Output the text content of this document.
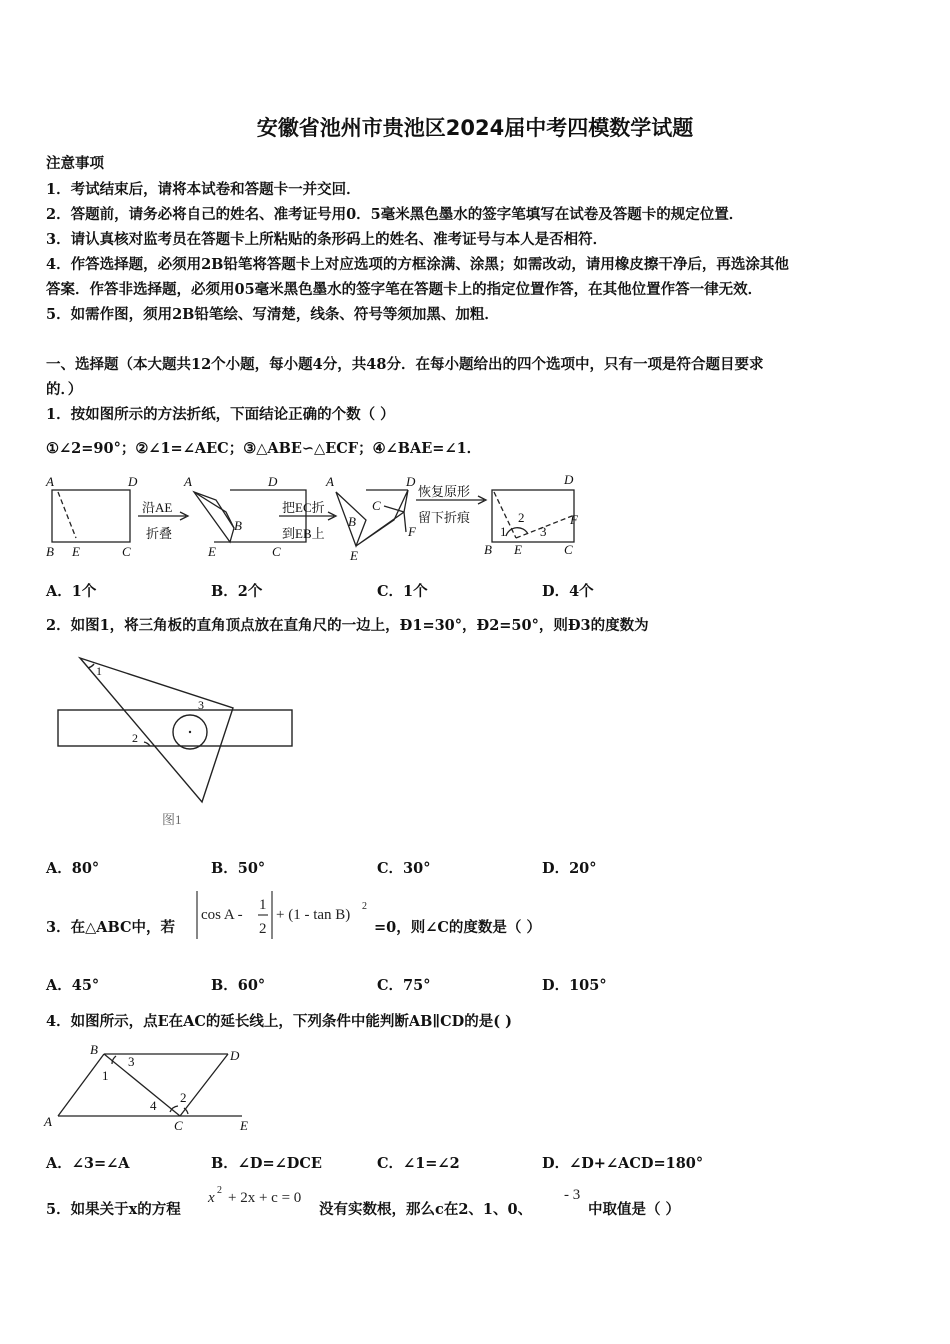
安徽省池州市贵池区2024届中考四模数学试题
注意事项
1．考试结束后，请将本试卷和答题卡一并交回．
2．答题前，请务必将自己的姓名、准考证号用0．5毫米黑色墨水的签字笔填写在试卷及答题卡的规定位置．
3．请认真核对监考员在答题卡上所粘贴的条形码上的姓名、准考证号与本人是否相符．
4．作答选择题，必须用2B铅笔将答题卡上对应选项的方框涂满、涂黑；如需改动，请用橡皮擦干净后，再选涂其他
答案．作答非选择题，必须用05毫米黑色墨水的签字笔在答题卡上的指定位置作答，在其他位置作答一律无效．
5．如需作图，须用2B铅笔绘、写清楚，线条、符号等须加黑、加粗．
一、选择题（本大题共12个小题，每小题4分，共48分．在每小题给出的四个选项中，只有一项是符合题目要求
的．）
1．按如图所示的方法折纸，下面结论正确的个数（ ）
①∠2=90°；②∠1=∠AEC；③△ABE∽△ECF；④∠BAE=∠1．
A	D
B E	C
A	D
B
E	C
A	D
C
B
E
F
D
F
B E	C
1
2
3
沿AE
折叠
把EC折
到EB上
恢复原形
留下折痕
A．1个	B．2个	C．1个	D．4个
2．如图1，将三角板的直角顶点放在直角尺的一边上，Ð1=30°，Ð2=50°，则Ð3的度数为
1
2
3
图1
A．80°	B．50°	C．30°	D．20°
3．在△ABC中，若
cos A -
1
2
+ (1 - tan B)
2
=0，则∠C的度数是（ ）
A．45°	B．60°	C．75°	D．105°
4．如图所示，点E在AC的延长线上，下列条件中能判断AB∥CD的是( )
A
B
C
D
E
1
2
3
4
A．∠3=∠A	B．∠D=∠DCE	C．∠1=∠2	D．∠D+∠ACD=180°
5．如果关于x的方程
x 2 + 2x + c = 0
没有实数根，那么c在2、1、0、
- 3
中取值是（ ）
